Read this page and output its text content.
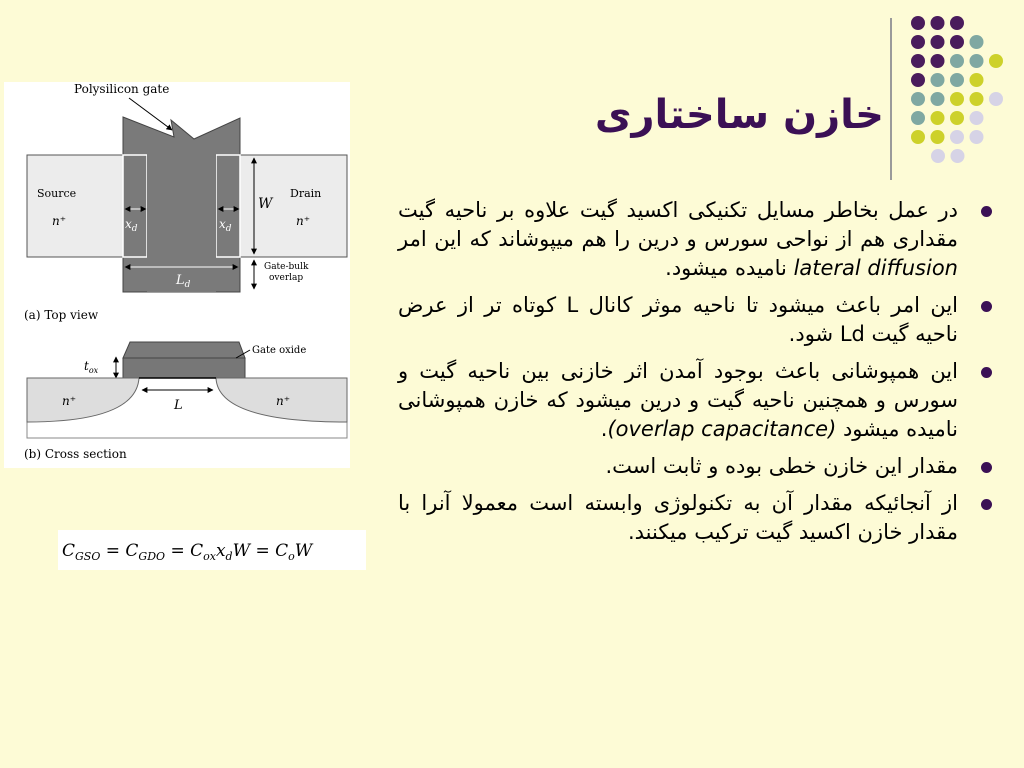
خازن ساختاری
در عمل بخاطر مسایل تکنیکی اکسید گیت علاوه بر ناحیه گیت مقداری هم از نواحی سورس و درین را هم میپوشاند که این امر lateral diffusion نامیده میشود.
این امر باعث میشود تا ناحیه موثر کانال L کوتاه تر از عرض ناحیه گیت Ld شود.
این همپوشانی باعث بوجود آمدن اثر خازنی بین ناحیه گیت و سورس و همچنین ناحیه گیت و درین میشود که خازن همپوشانی نامیده میشود (overlap capacitance).
مقدار این خازن خطی بوده و ثابت است.
از آنجائیکه مقدار آن به تکنولوژی وابسته است معمولا آنرا با مقدار خازن اکسید گیت ترکیب میکنند.
Polysilicon gate
Source
n⁺
Drain
n⁺
$x_d$	$x_d$
W
Gate-bulk
overlap
$L_d$
(a) Top view
Gate oxide
$t_{ox}$
L
n⁺	n⁺
(b) Cross section
$C_{GSO} = C_{GDO} = C_{ox}x_dW = C_oW$
